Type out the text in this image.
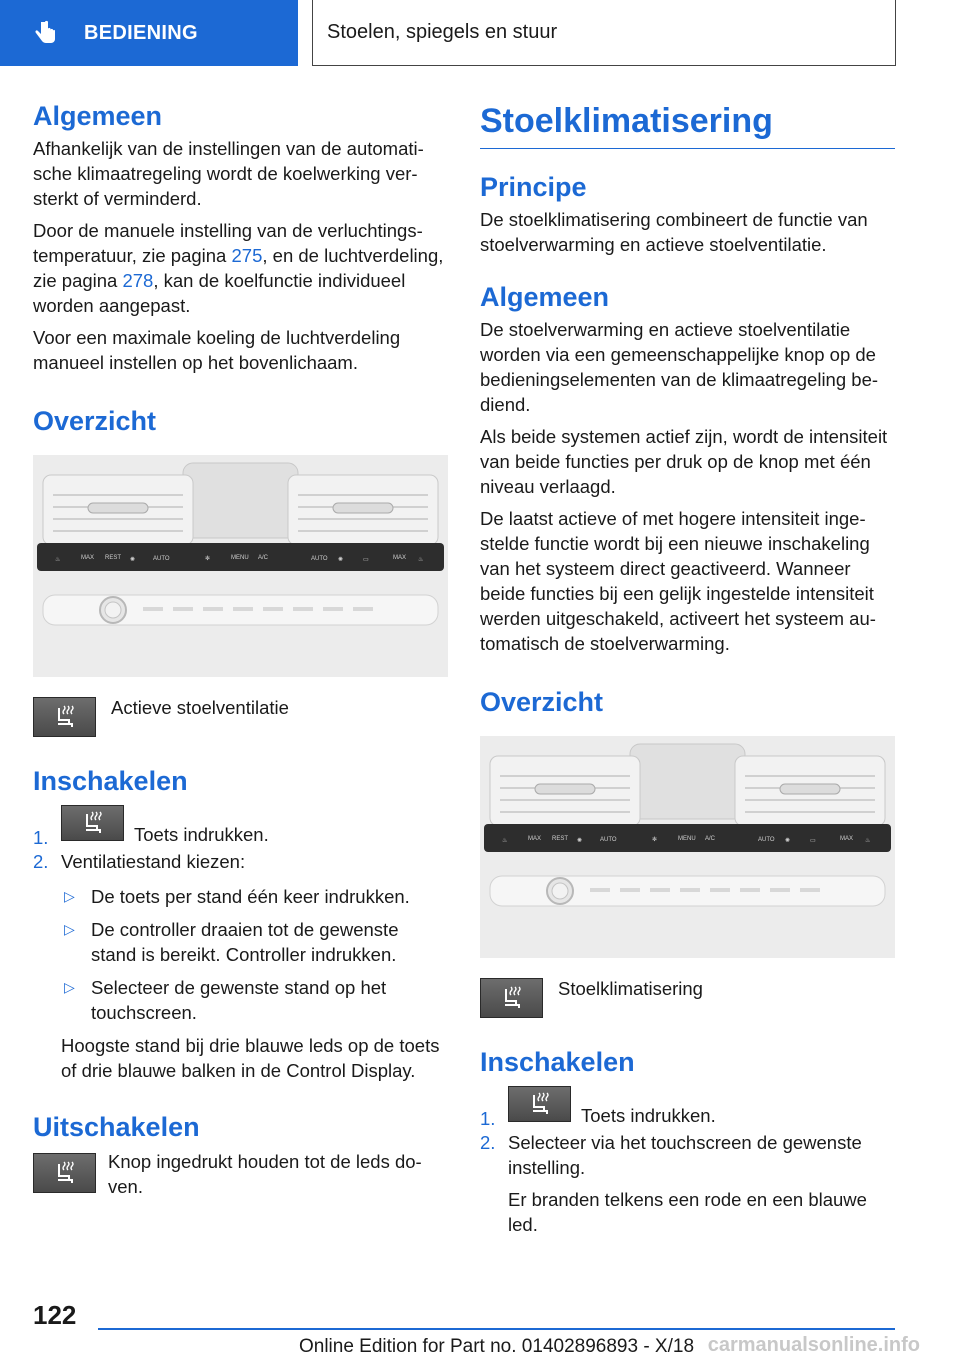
BEDIENING	Stoelen, spiegels en stuur
Algemeen

Afhankelijk van de instellingen van de automatische klimaatregeling wordt de koelwerking versterkt of verminderd.

Door de manuele instelling van de verluchtingstemperatuur, zie pagina 275, en de luchtverdeling, zie pagina 278, kan de koelfunctie individueel worden aangepast.

Voor een maximale koeling de luchtverdeling manueel instellen op het bovenlichaam.

Overzicht
♨	MAX REST ✺	AUTO	✻	MENU A/C	AUTO ✺	▭	MAX ♨
Actieve stoelventilatie
Inschakelen
1.	Toets indrukken.
2. Ventilatiestand kiezen:
▷ De toets per stand één keer indrukken.
▷ De controller draaien tot de gewenste stand is bereikt. Controller indrukken.
▷ Selecteer de gewenste stand op het touchscreen.

Hoogste stand bij drie blauwe leds op de toets of drie blauwe balken in de Control Display.

Uitschakelen
Knop ingedrukt houden tot de leds doven.
Stoelklimatisering
Principe

De stoelklimatisering combineert de functie van stoelverwarming en actieve stoelventilatie.

Algemeen

De stoelverwarming en actieve stoelventilatie worden via een gemeenschappelijke knop op de bedieningselementen van de klimaatregeling bediend.

Als beide systemen actief zijn, wordt de intensiteit van beide functies per druk op de knop met één niveau verlaagd.

De laatst actieve of met hogere intensiteit ingestelde functie wordt bij een nieuwe inschakeling van het systeem direct geactiveerd. Wanneer beide functies bij een gelijk ingestelde intensiteit werden uitgeschakeld, activeert het systeem automatisch de stoelverwarming.

Overzicht
♨	MAX REST ✺	AUTO	✻	MENU A/C	AUTO ✺	▭	MAX ♨
Stoelklimatisering
Inschakelen
1.	Toets indrukken.
2. Selecteer via het touchscreen de gewenste instelling.

Er branden telkens een rode en een blauwe led.

122
Online Edition for Part no. 01402896893 - X/18 carmanualsonline.info
